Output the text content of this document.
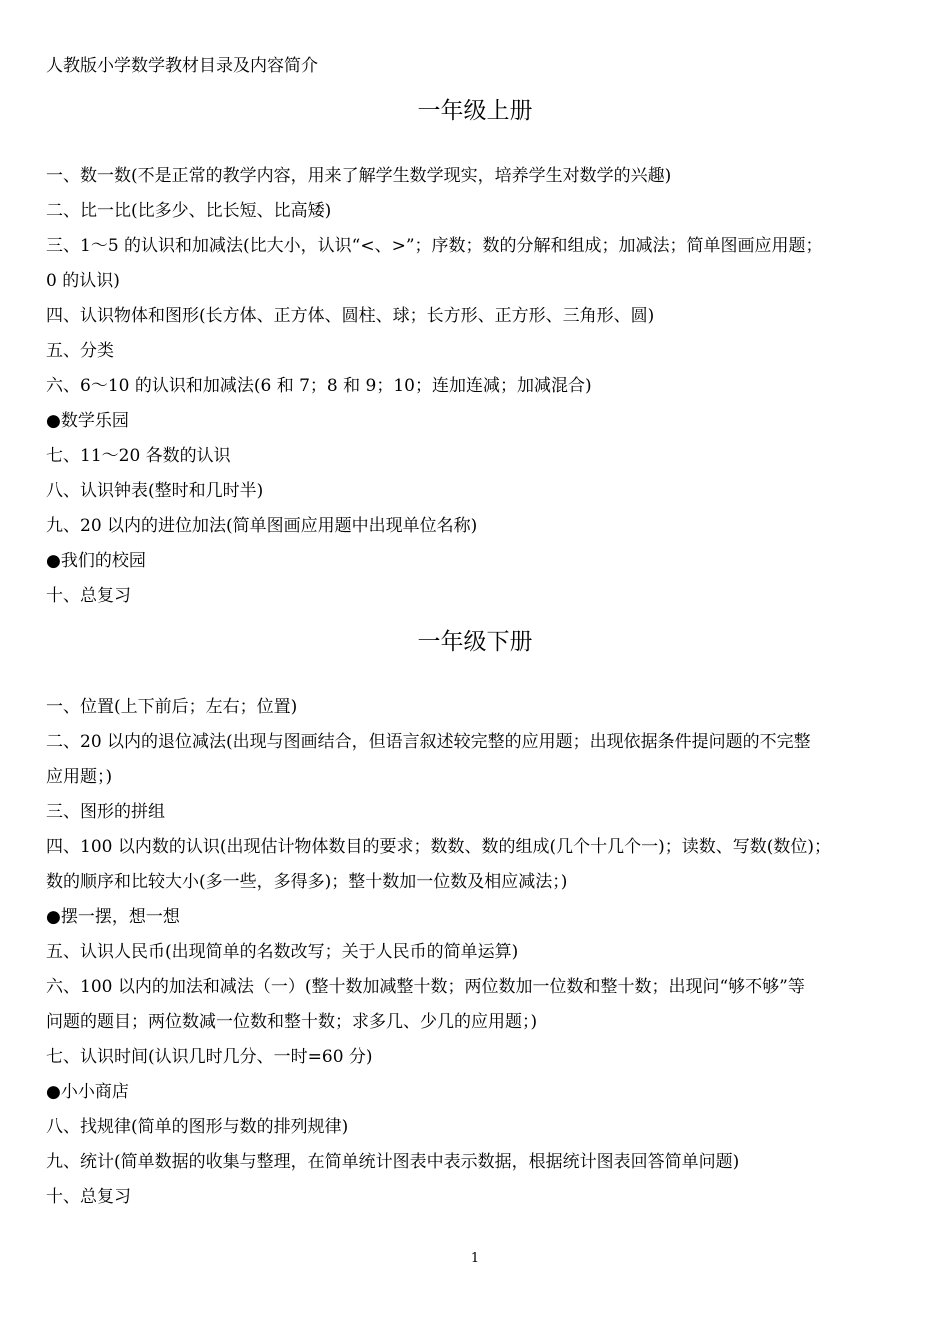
人教版小学数学教材目录及内容简介
一年级上册
一、数一数(不是正常的教学内容，用来了解学生数学现实，培养学生对数学的兴趣)
二、比一比(比多少、比长短、比高矮)
三、1～5 的认识和加减法(比大小，认识“<、>”；序数；数的分解和组成；加减法；简单图画应用题；
0 的认识)
四、认识物体和图形(长方体、正方体、圆柱、球；长方形、正方形、三角形、圆)
五、分类
六、6～10 的认识和加减法(6 和 7；8 和 9；10；连加连减；加减混合)
●数学乐园
七、11～20 各数的认识
八、认识钟表(整时和几时半)
九、20 以内的进位加法(简单图画应用题中出现单位名称)
●我们的校园
十、总复习
一年级下册
一、位置(上下前后；左右；位置)
二、20 以内的退位减法(出现与图画结合，但语言叙述较完整的应用题；出现依据条件提问题的不完整
应用题；)
三、图形的拼组
四、100 以内数的认识(出现估计物体数目的要求；数数、数的组成(几个十几个一)；读数、写数(数位)；
数的顺序和比较大小(多一些，多得多)；整十数加一位数及相应减法；)
●摆一摆，想一想
五、认识人民币(出现简单的名数改写；关于人民币的简单运算)
六、100 以内的加法和减法（一）(整十数加减整十数；两位数加一位数和整十数；出现问“够不够”等
问题的题目；两位数减一位数和整十数；求多几、少几的应用题；)
七、认识时间(认识几时几分、一时=60 分)
●小小商店
八、找规律(简单的图形与数的排列规律)
九、统计(简单数据的收集与整理，在简单统计图表中表示数据，根据统计图表回答简单问题)
十、总复习
1
